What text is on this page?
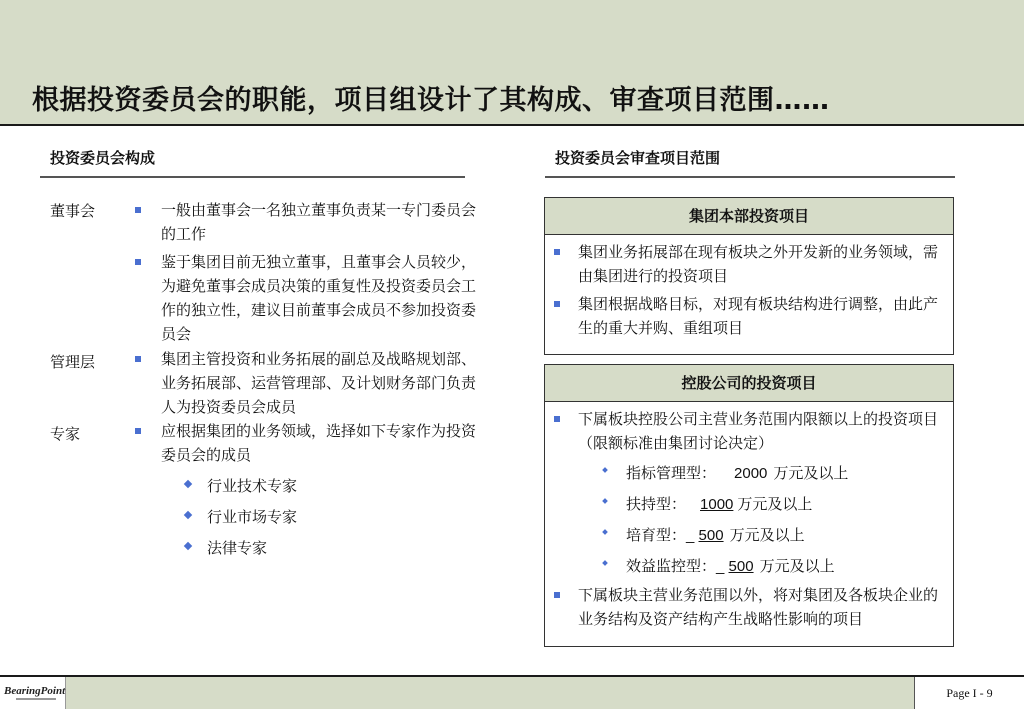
根据投资委员会的职能，项目组设计了其构成、审查项目范围……
投资委员会构成
董事会	一般由董事会一名独立董事负责某一专门委员会的工作
鉴于集团目前无独立董事，且董事会人员较少，为避免董事会成员决策的重复性及投资委员会工作的独立性，建议目前董事会成员不参加投资委员会
管理层	集团主管投资和业务拓展的副总及战略规划部、业务拓展部、运营管理部、及计划财务部门负责人为投资委员会成员
专家	应根据集团的业务领域，选择如下专家作为投资委员会的成员
行业技术专家
行业市场专家
法律专家
投资委员会审查项目范围
集团本部投资项目
集团业务拓展部在现有板块之外开发新的业务领域，需由集团进行的投资项目
集团根据战略目标，对现有板块结构进行调整，由此产生的重大并购、重组项目
控股公司的投资项目
下属板块控股公司主营业务范围内限额以上的投资项目（限额标准由集团讨论决定）
指标管理型： 2000 万元及以上
扶持型： 1000 万元及以上
培育型：_ 500 万元及以上
效益监控型：_ 500 万元及以上
下属板块主营业务范围以外，将对集团及各板块企业的业务结构及资产结构产生战略性影响的项目
BearingPoint	Page I - 9
